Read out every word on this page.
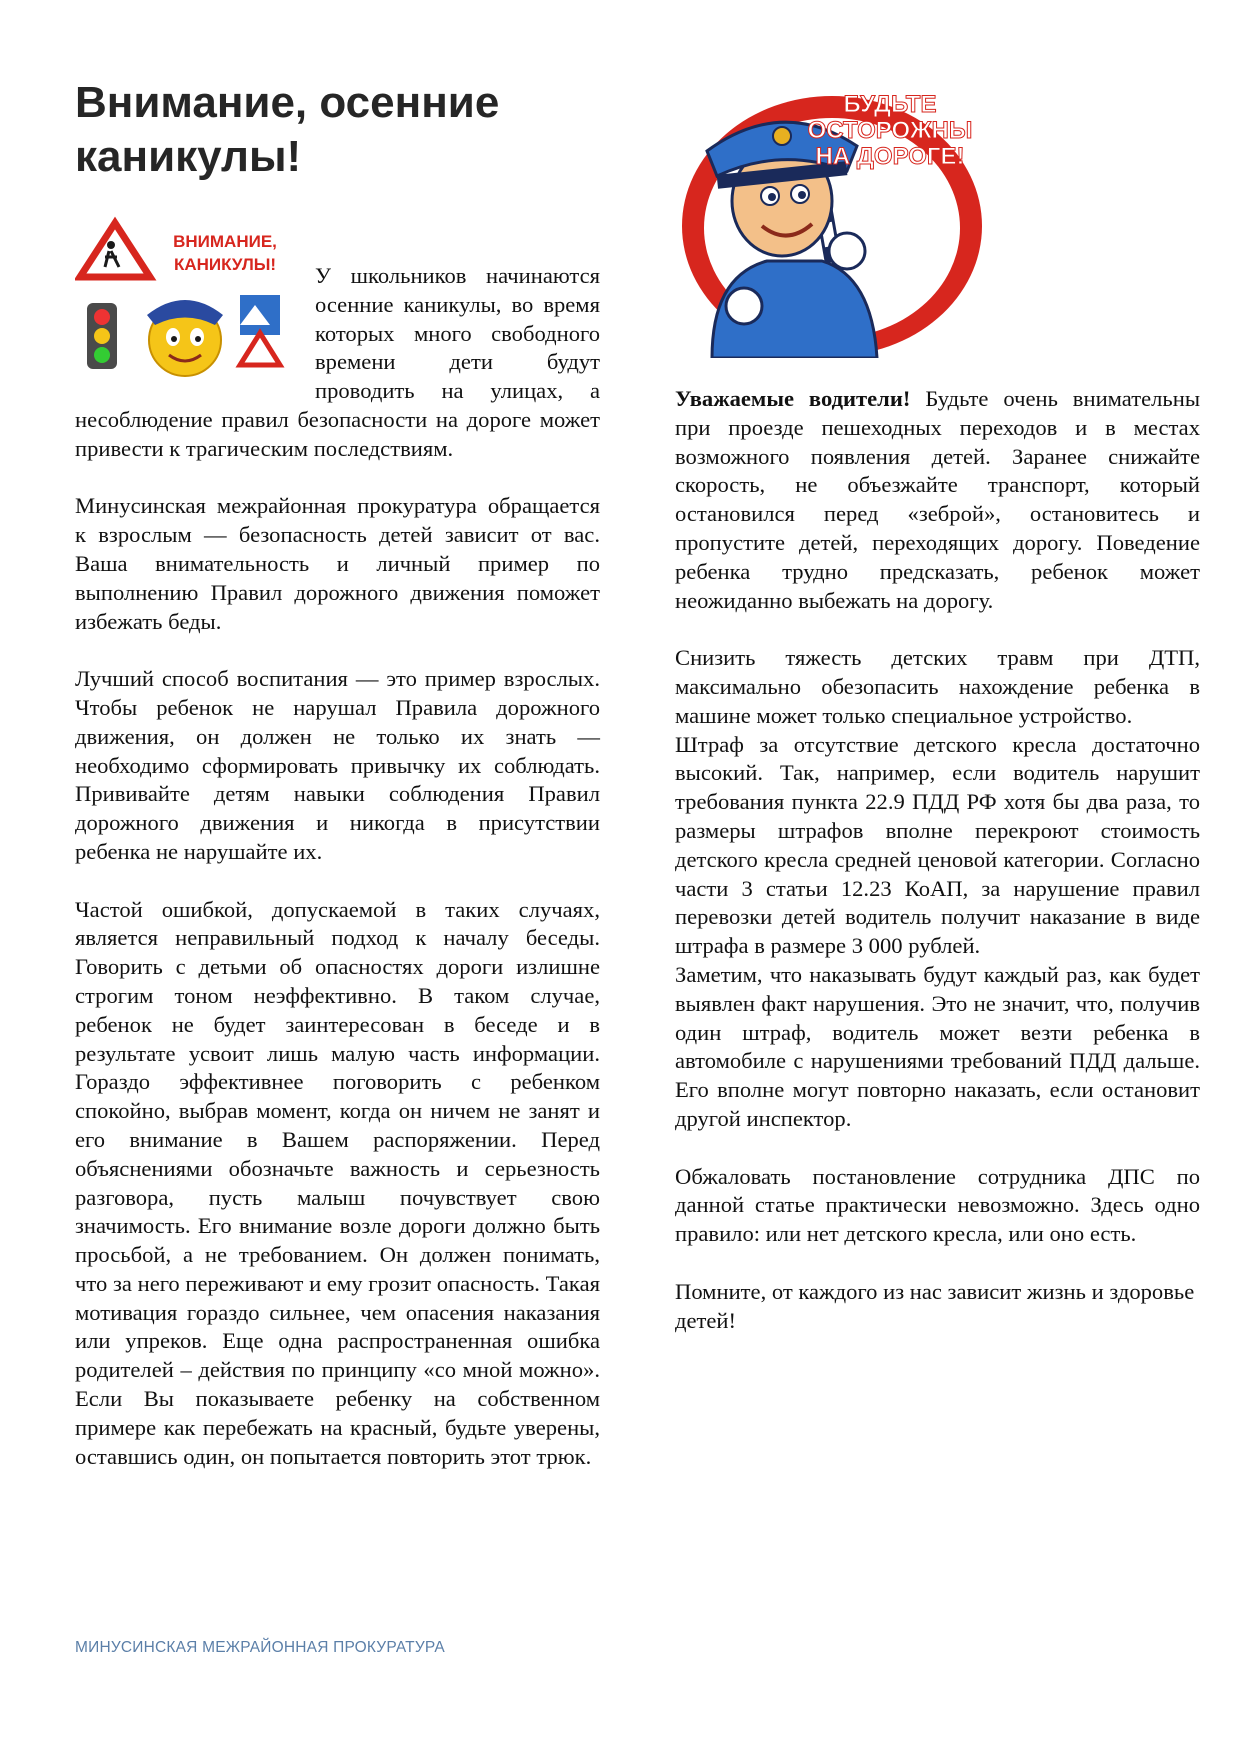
Внимание, осенние каникулы!
БУДЬТЕ
ОСТОРОЖНЫ
НА ДОРОГЕ!
ВНИМАНИЕ,
КАНИКУЛЫ!	У школьников начинаются осенние каникулы, во время которых много свободного времени дети будут проводить на улицах, а несоблюдение правил безопасности на дороге может привести к трагическим последствиям.

Минусинская межрайонная прокуратура обращается к взрослым — безопасность детей зависит от вас. Ваша внимательность и личный пример по выполнению Правил дорожного движения поможет избежать беды.

Лучший способ воспитания — это пример взрослых. Чтобы ребенок не нарушал Правила дорожного движения, он должен не только их знать — необходимо сформировать привычку их соблюдать. Прививайте детям навыки соблюдения Правил дорожного движения и никогда в присутствии ребенка не нарушайте их.

Частой ошибкой, допускаемой в таких случаях, является неправильный подход к началу беседы. Говорить с детьми об опасностях дороги излишне строгим тоном неэффективно. В таком случае, ребенок не будет заинтересован в беседе и в результате усвоит лишь малую часть информации. Гораздо эффективнее поговорить с ребенком спокойно, выбрав момент, когда он ничем не занят и его внимание в Вашем распоряжении. Перед объяснениями обозначьте важность и серьезность разговора, пусть малыш почувствует свою значимость. Его внимание возле дороги должно быть просьбой, а не требованием. Он должен понимать, что за него переживают и ему грозит опасность. Такая мотивация гораздо сильнее, чем опасения наказания или упреков. Еще одна распространенная ошибка родителей – действия по принципу «со мной можно». Если Вы показываете ребенку на собственном примере как перебежать на красный, будьте уверены, оставшись один, он попытается повторить этот трюк.

Уважаемые водители! Будьте очень внимательны при проезде пешеходных переходов и в местах возможного появления детей. Заранее снижайте скорость, не объезжайте транспорт, который остановился перед «зеброй», остановитесь и пропустите детей, переходящих дорогу. Поведение ребенка трудно предсказать, ребенок может неожиданно выбежать на дорогу.

Снизить тяжесть детских травм при ДТП, максимально обезопасить нахождение ребенка в машине может только специальное устройство.

Штраф за отсутствие детского кресла достаточно высокий. Так, например, если водитель нарушит требования пункта 22.9 ПДД РФ хотя бы два раза, то размеры штрафов вполне перекроют стоимость детского кресла средней ценовой категории. Согласно части 3 статьи 12.23 КоАП, за нарушение правил перевозки детей водитель получит наказание в виде штрафа в размере 3 000 рублей.

Заметим, что наказывать будут каждый раз, как будет выявлен факт нарушения. Это не значит, что, получив один штраф, водитель может везти ребенка в автомобиле с нарушениями требований ПДД дальше. Его вполне могут повторно наказать, если остановит другой инспектор.

Обжаловать постановление сотрудника ДПС по данной статье практически невозможно. Здесь одно правило: или нет детского кресла, или оно есть.

Помните, от каждого из нас зависит жизнь и здоровье детей!

МИНУСИНСКАЯ МЕЖРАЙОННАЯ ПРОКУРАТУРА
